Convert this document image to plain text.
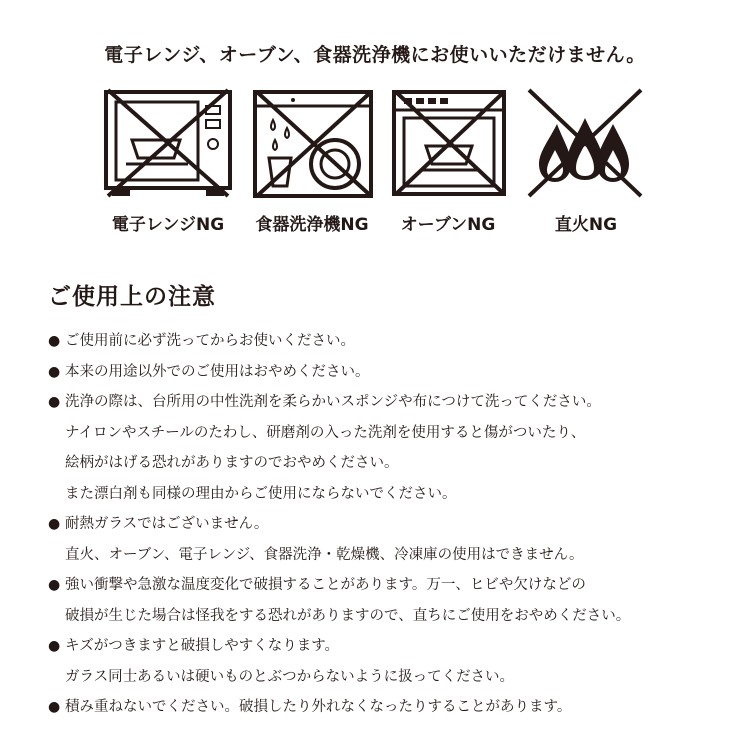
電子レンジ、オーブン、食器洗浄機にお使いいただけません。
電子レンジNG	食器洗浄機NG	オーブンNG	直火NG
ご使用上の注意
● ご使用前に必ず洗ってからお使いください。
● 本来の用途以外でのご使用はおやめください。
● 洗浄の際は、台所用の中性洗剤を柔らかいスポンジや布につけて洗ってください。
ナイロンやスチールのたわし、研磨剤の入った洗剤を使用すると傷がついたり、
絵柄がはげる恐れがありますのでおやめください。
また漂白剤も同様の理由からご使用にならないでください。
● 耐熱ガラスではございません。
直火、オーブン、電子レンジ、食器洗浄・乾燥機、冷凍庫の使用はできません。
● 強い衝撃や急激な温度変化で破損することがあります。万一、ヒビや欠けなどの
破損が生じた場合は怪我をする恐れがありますので、直ちにご使用をおやめください。
● キズがつきますと破損しやすくなります。
ガラス同士あるいは硬いものとぶつからないように扱ってください。
● 積み重ねないでください。破損したり外れなくなったりすることがあります。
